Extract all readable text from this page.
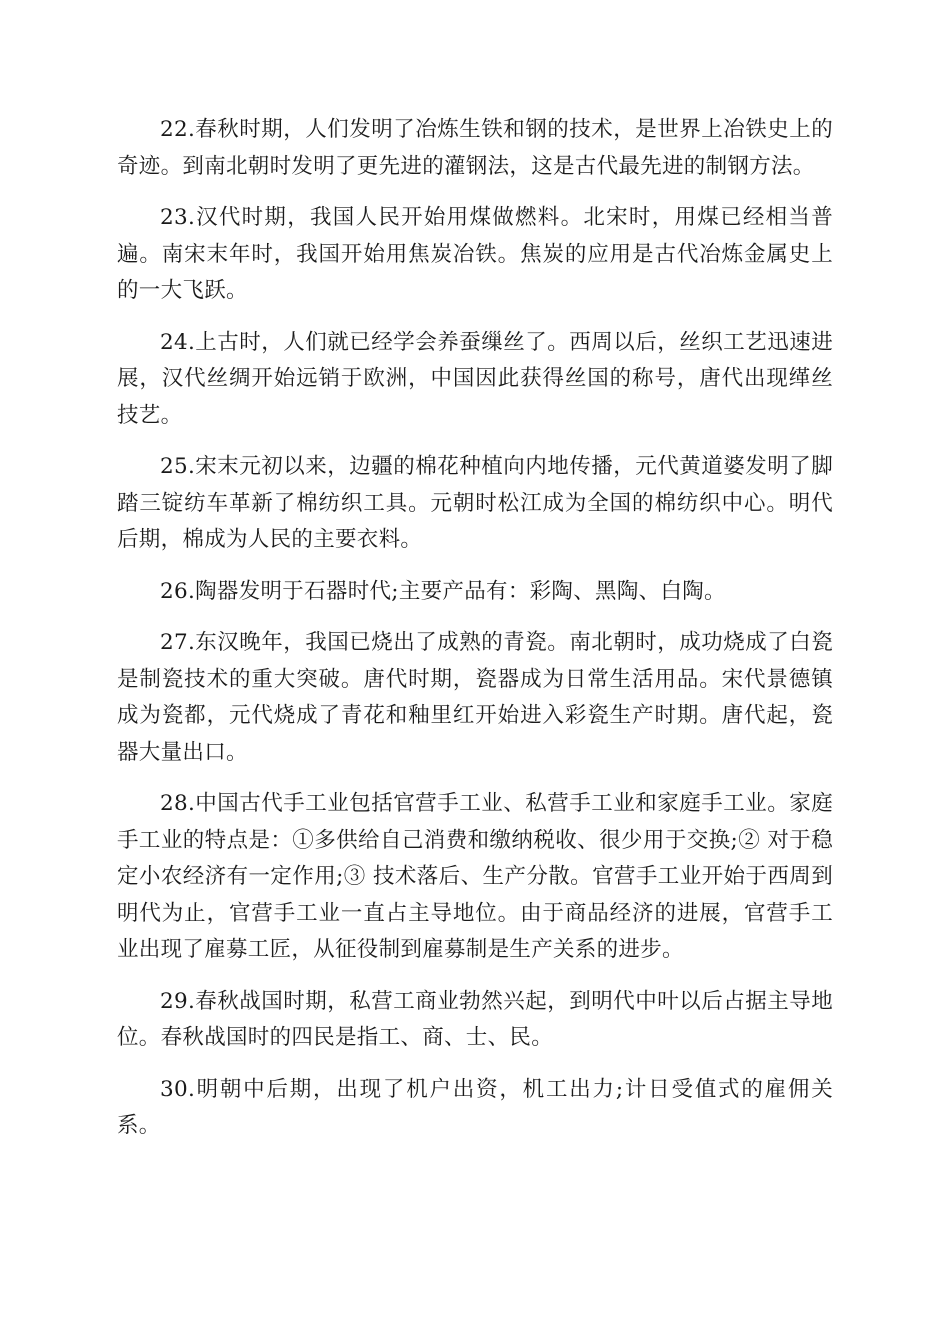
22.春秋时期，人们发明了冶炼生铁和钢的技术，是世界上冶铁史上的奇迹。到南北朝时发明了更先进的灌钢法，这是古代最先进的制钢方法。

23.汉代时期，我国人民开始用煤做燃料。北宋时，用煤已经相当普遍。南宋末年时，我国开始用焦炭冶铁。焦炭的应用是古代冶炼金属史上的一大飞跃。

24.上古时，人们就已经学会养蚕缫丝了。西周以后，丝织工艺迅速进展，汉代丝绸开始远销于欧洲，中国因此获得丝国的称号，唐代出现缂丝技艺。

25.宋末元初以来，边疆的棉花种植向内地传播，元代黄道婆发明了脚踏三锭纺车革新了棉纺织工具。元朝时松江成为全国的棉纺织中心。明代后期，棉成为人民的主要衣料。

26.陶器发明于石器时代;主要产品有：彩陶、黑陶、白陶。

27.东汉晚年，我国已烧出了成熟的青瓷。南北朝时，成功烧成了白瓷是制瓷技术的重大突破。唐代时期，瓷器成为日常生活用品。宋代景德镇成为瓷都，元代烧成了青花和釉里红开始进入彩瓷生产时期。唐代起，瓷器大量出口。

28.中国古代手工业包括官营手工业、私营手工业和家庭手工业。家庭手工业的特点是：①多供给自己消费和缴纳税收、很少用于交换;② 对于稳定小农经济有一定作用;③ 技术落后、生产分散。官营手工业开始于西周到明代为止，官营手工业一直占主导地位。由于商品经济的进展，官营手工业出现了雇募工匠，从征役制到雇募制是生产关系的进步。

29.春秋战国时期，私营工商业勃然兴起，到明代中叶以后占据主导地位。春秋战国时的四民是指工、商、士、民。

30.明朝中后期，出现了机户出资，机工出力;计日受值式的雇佣关系。
